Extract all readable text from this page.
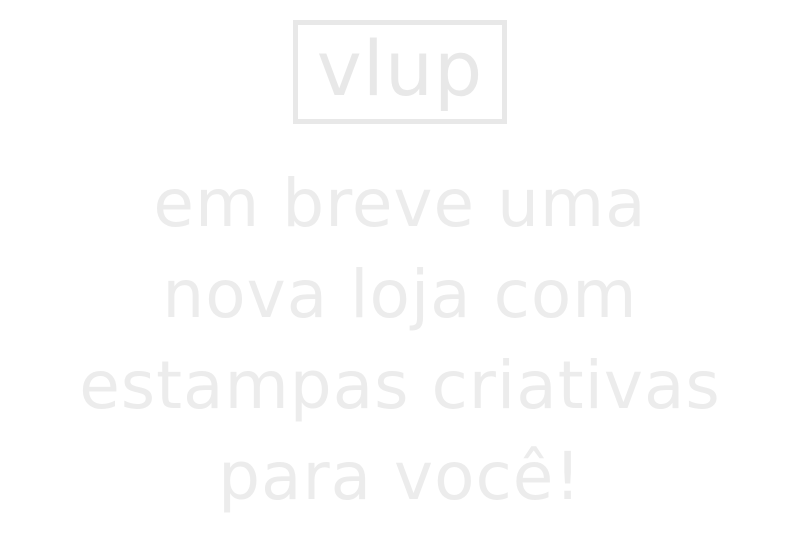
vlup
em breve uma
nova loja com
estampas criativas
para você!
